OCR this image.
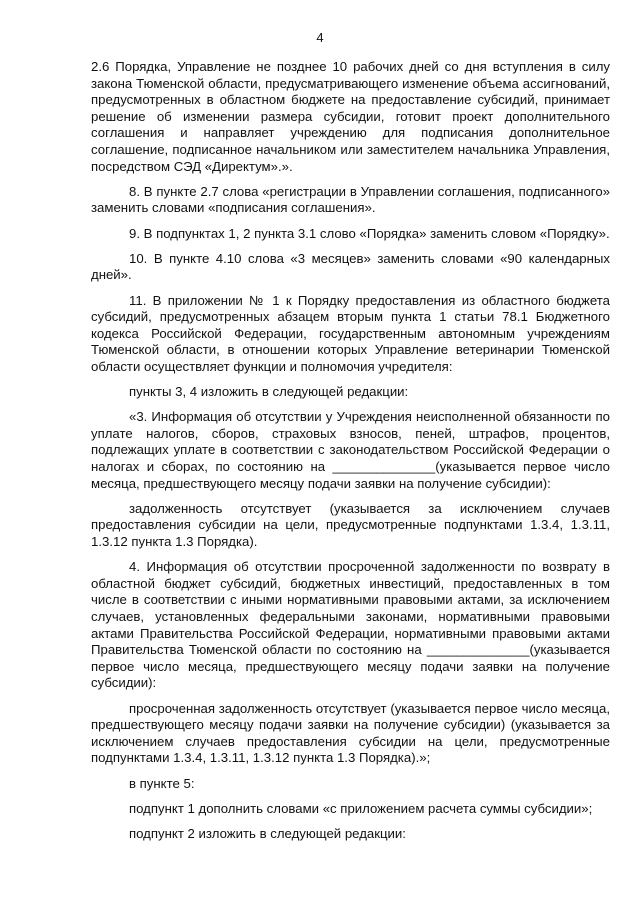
4

2.6 Порядка, Управление не позднее 10 рабочих дней со дня вступления в силу закона Тюменской области, предусматривающего изменение объема ассигнований, предусмотренных в областном бюджете на предоставление субсидий, принимает решение об изменении размера субсидии, готовит проект дополнительного соглашения и направляет учреждению для подписания дополнительное соглашение, подписанное начальником или заместителем начальника Управления, посредством СЭД «Директум».».

8. В пункте 2.7 слова «регистрации в Управлении соглашения, подписанного» заменить словами «подписания соглашения».

9. В подпунктах 1, 2 пункта 3.1 слово «Порядка» заменить словом «Порядку».

10. В пункте 4.10 слова «3 месяцев» заменить словами «90 календарных дней».

11. В приложении № 1 к Порядку предоставления из областного бюджета субсидий, предусмотренных абзацем вторым пункта 1 статьи 78.1 Бюджетного кодекса Российской Федерации, государственным автономным учреждениям Тюменской области, в отношении которых Управление ветеринарии Тюменской области осуществляет функции и полномочия учредителя:

пункты 3, 4 изложить в следующей редакции:

«3. Информация об отсутствии у Учреждения неисполненной обязанности по уплате налогов, сборов, страховых взносов, пеней, штрафов, процентов, подлежащих уплате в соответствии с законодательством Российской Федерации о налогах и сборах, по состоянию на ______________(указывается первое число месяца, предшествующего месяцу подачи заявки на получение субсидии):

задолженность отсутствует (указывается за исключением случаев предоставления субсидии на цели, предусмотренные подпунктами 1.3.4, 1.3.11, 1.3.12 пункта 1.3 Порядка).

4. Информация об отсутствии просроченной задолженности по возврату в областной бюджет субсидий, бюджетных инвестиций, предоставленных в том числе в соответствии с иными нормативными правовыми актами, за исключением случаев, установленных федеральными законами, нормативными правовыми актами Правительства Российской Федерации, нормативными правовыми актами Правительства Тюменской области по состоянию на ______________(указывается первое число месяца, предшествующего месяцу подачи заявки на получение субсидии):

просроченная задолженность отсутствует (указывается первое число месяца, предшествующего месяцу подачи заявки на получение субсидии) (указывается за исключением случаев предоставления субсидии на цели, предусмотренные подпунктами 1.3.4, 1.3.11, 1.3.12 пункта 1.3 Порядка).»;

в пункте 5:

подпункт 1 дополнить словами «с приложением расчета суммы субсидии»;

подпункт 2 изложить в следующей редакции:
